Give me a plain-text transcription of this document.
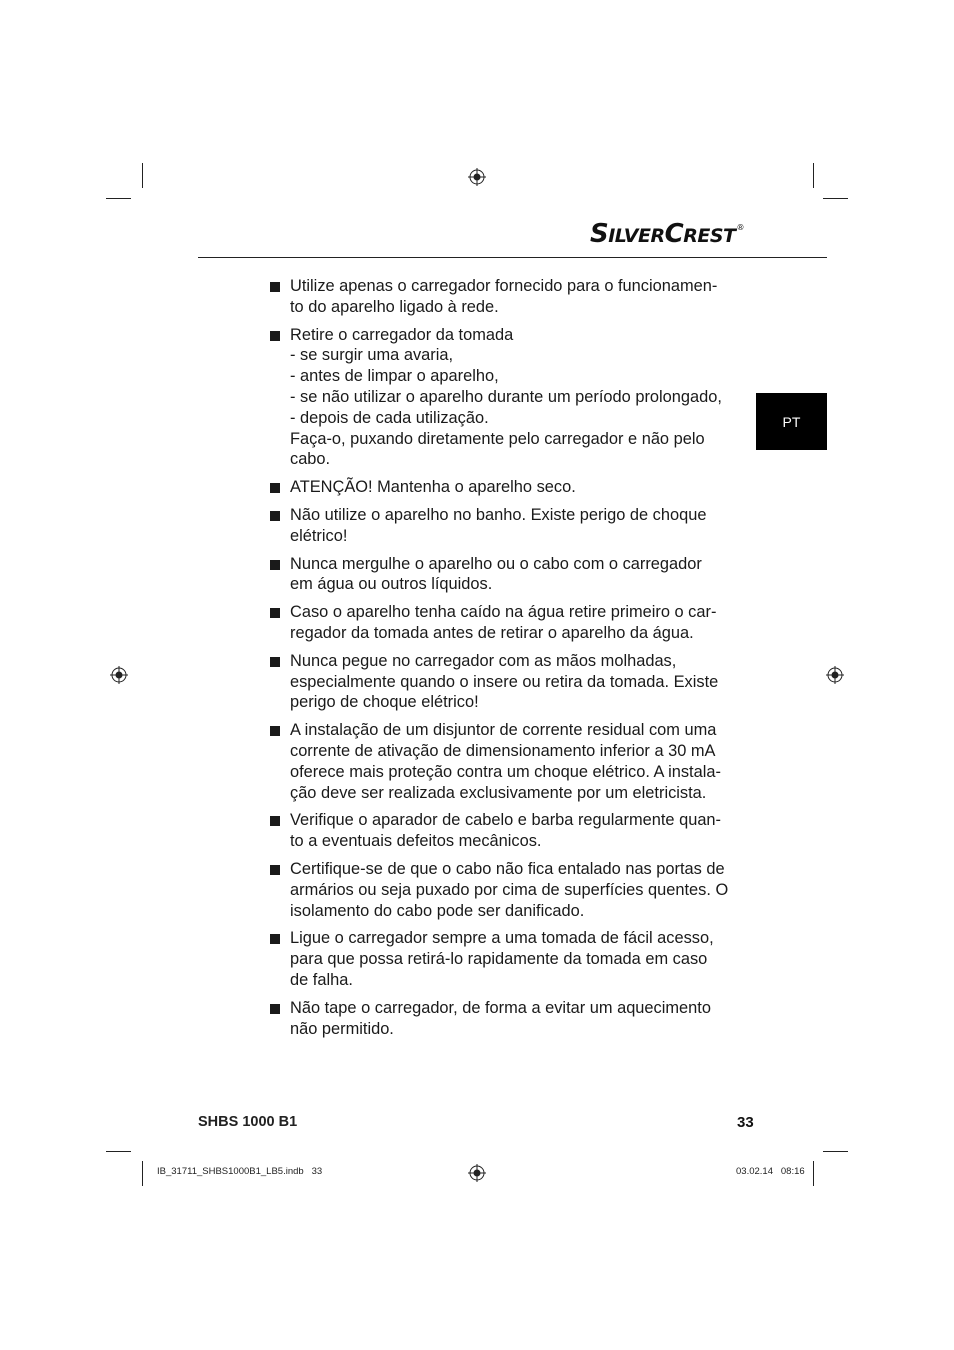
SILVERCREST®
PT
Utilize apenas o carregador fornecido para o funcionamen-
to do aparelho ligado à rede.
Retire o carregador da tomada
- se surgir uma avaria,
- antes de limpar o aparelho,
- se não utilizar o aparelho durante um período prolongado,
- depois de cada utilização.
Faça-o, puxando diretamente pelo carregador e não pelo
cabo.
ATENÇÃO! Mantenha o aparelho seco.
Não utilize o aparelho no banho. Existe perigo de choque
elétrico!
Nunca mergulhe o aparelho ou o cabo com o carregador
em água ou outros líquidos.
Caso o aparelho tenha caído na água retire primeiro o car-
regador da tomada antes de retirar o aparelho da água.
Nunca pegue no carregador com as mãos molhadas,
especialmente quando o insere ou retira da tomada. Existe
perigo de choque elétrico!
A instalação de um disjuntor de corrente residual com uma
corrente de ativação de dimensionamento inferior a 30 mA
oferece mais proteção contra um choque elétrico. A instala-
ção deve ser realizada exclusivamente por um eletricista.
Verifique o aparador de cabelo e barba regularmente quan-
to a eventuais defeitos mecânicos.
Certifique-se de que o cabo não fica entalado nas portas de
armários ou seja puxado por cima de superfícies quentes. O
isolamento do cabo pode ser danificado.
Ligue o carregador sempre a uma tomada de fácil acesso,
para que possa retirá-lo rapidamente da tomada em caso
de falha.
Não tape o carregador, de forma a evitar um aquecimento
não permitido.
SHBS 1000 B1	33
IB_31711_SHBS1000B1_LB5.indb   33	03.02.14   08:16
